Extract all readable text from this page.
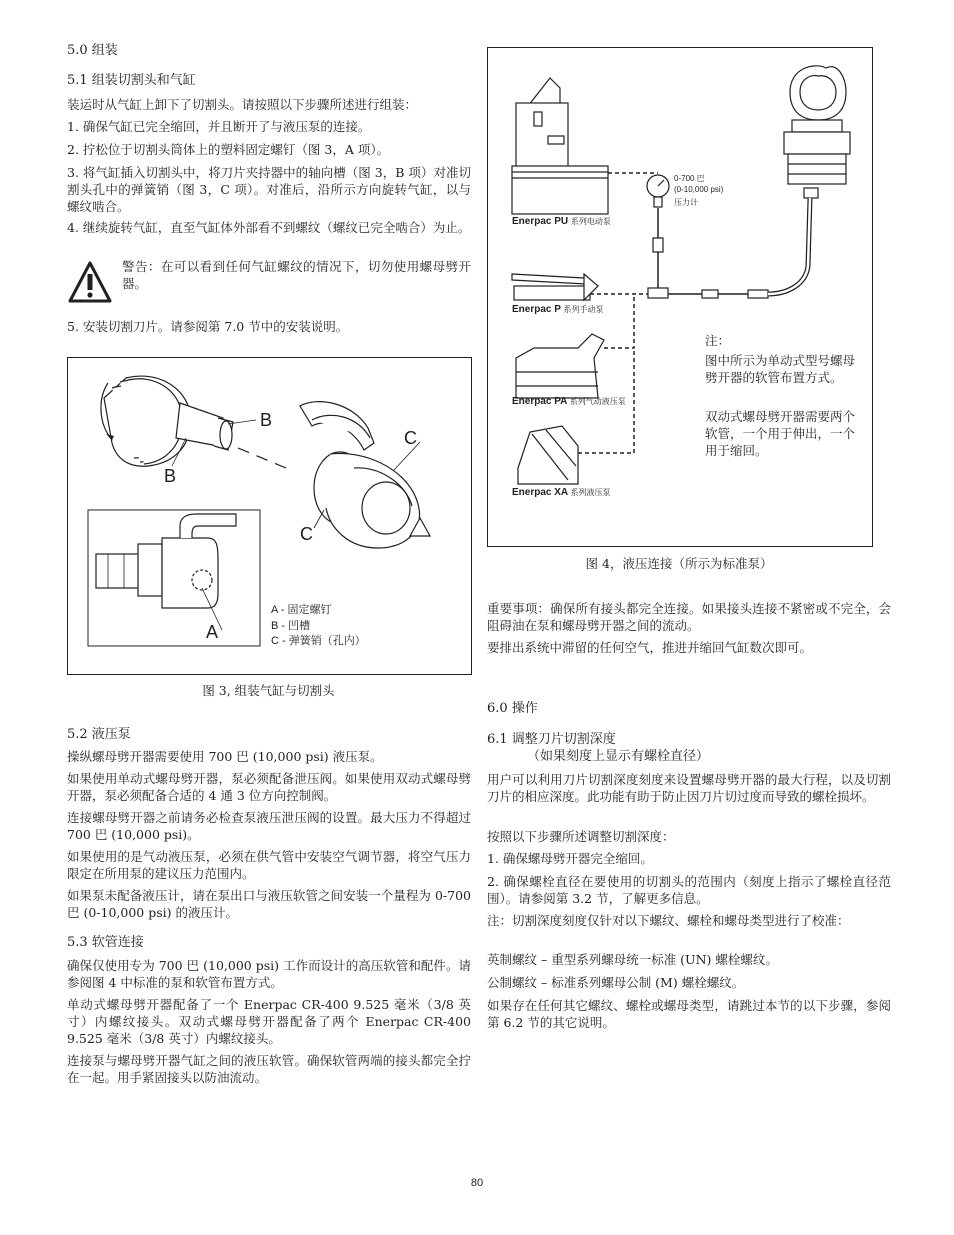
5.0 组装
5.1 组装切割头和气缸
装运时从气缸上卸下了切割头。请按照以下步骤所述进行组装：
1. 确保气缸已完全缩回，并且断开了与液压泵的连接。
2. 拧松位于切割头筒体上的塑料固定螺钉（图 3，A 项）。
3. 将气缸插入切割头中，将刀片夹持器中的轴向槽（图 3，B 项）对准切割头孔中的弹簧销（图 3，C 项）。对准后，沿所示方向旋转气缸，以与螺纹啮合。
4. 继续旋转气缸，直至气缸体外部看不到螺纹（螺纹已完全啮合）为止。
警告：在可以看到任何气缸螺纹的情况下，切勿使用螺母劈开器。
5. 安装切割刀片。请参阅第 7.0 节中的安装说明。
B
B
C
C
A
A - 固定螺钉
B - 凹槽
C - 弹簧销（孔内）
图 3, 组装气缸与切割头
5.2 液压泵
操纵螺母劈开器需要使用 700 巴 (10,000 psi) 液压泵。
如果使用单动式螺母劈开器，泵必须配备泄压阀。如果使用双动式螺母劈开器，泵必须配备合适的 4 通 3 位方向控制阀。
连接螺母劈开器之前请务必检查泵液压泄压阀的设置。最大压力不得超过 700 巴 (10,000 psi)。
如果使用的是气动液压泵，必须在供气管中安装空气调节器，将空气压力限定在所用泵的建议压力范围内。
如果泵未配备液压计，请在泵出口与液压软管之间安装一个量程为 0-700 巴 (0-10,000 psi) 的液压计。
5.3 软管连接
确保仅使用专为 700 巴 (10,000 psi) 工作而设计的高压软管和配件。请参阅图 4 中标准的泵和软管布置方式。
单动式螺母劈开器配备了一个 Enerpac CR-400 9.525 毫米（3/8 英寸）内螺纹接头。双动式螺母劈开器配备了两个 Enerpac CR-400 9.525 毫米（3/8 英寸）内螺纹接头。
连接泵与螺母劈开器气缸之间的液压软管。确保软管两端的接头都完全拧在一起。用手紧固接头以防油流动。
Enerpac PU 系列电动泵
Enerpac P 系列手动泵
Enerpac PA 系列气动液压泵
Enerpac XA 系列液压泵
0-700 巴
(0-10,000 psi)
压力计
注：
图中所示为单动式型号螺母劈开器的软管布置方式。
双动式螺母劈开器需要两个软管，一个用于伸出，一个用于缩回。
图 4，液压连接（所示为标准泵）
重要事项：确保所有接头都完全连接。如果接头连接不紧密或不完全，会阻碍油在泵和螺母劈开器之间的流动。
要排出系统中滞留的任何空气，推进并缩回气缸数次即可。
6.0 操作
6.1 调整刀片切割深度
（如果刻度上显示有螺栓直径）
用户可以利用刀片切割深度刻度来设置螺母劈开器的最大行程，以及切割刀片的相应深度。此功能有助于防止因刀片切过度而导致的螺栓损坏。
按照以下步骤所述调整切割深度：
1. 确保螺母劈开器完全缩回。
2. 确保螺栓直径在要使用的切割头的范围内（刻度上指示了螺栓直径范围）。请参阅第 3.2 节，了解更多信息。
注：切割深度刻度仅针对以下螺纹、螺栓和螺母类型进行了校准：
英制螺纹 – 重型系列螺母统一标准 (UN) 螺栓螺纹。
公制螺纹 – 标准系列螺母公制 (M) 螺栓螺纹。
如果存在任何其它螺纹、螺栓或螺母类型，请跳过本节的以下步骤，参阅第 6.2 节的其它说明。
80
